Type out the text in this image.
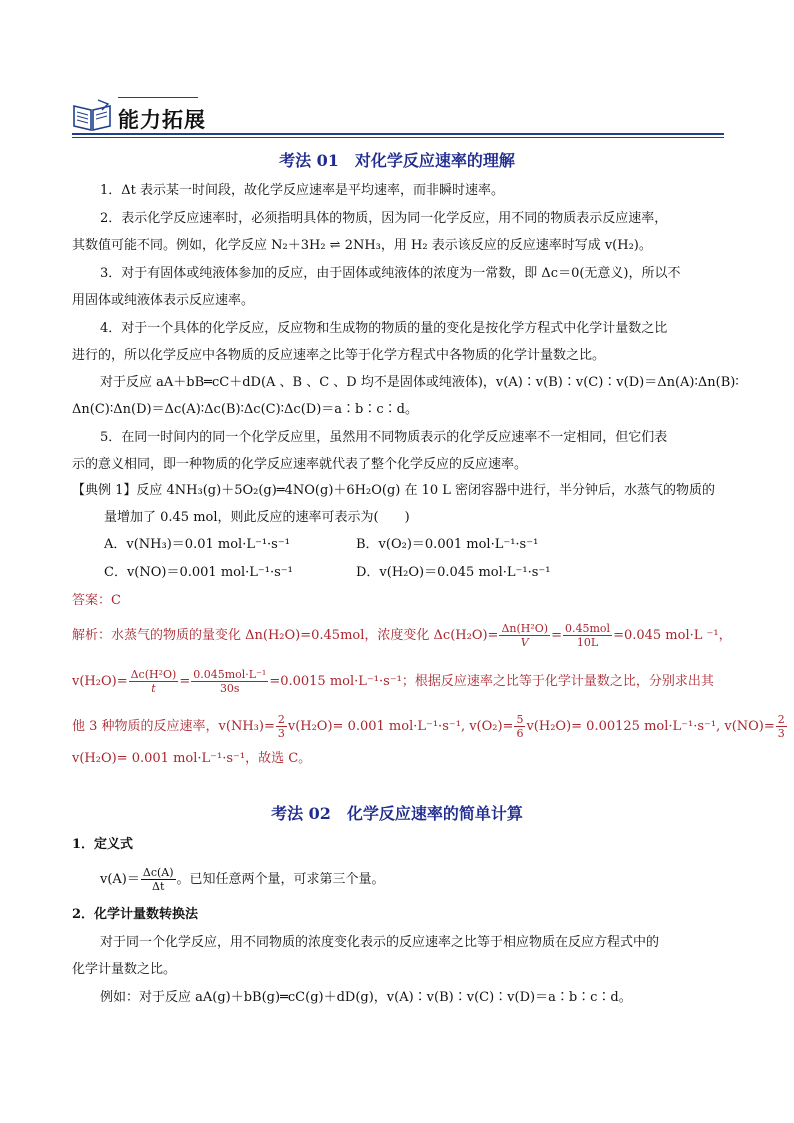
能力拓展
考法 01　对化学反应速率的理解
1．Δt 表示某一时间段，故化学反应速率是平均速率，而非瞬时速率。
2．表示化学反应速率时，必须指明具体的物质，因为同一化学反应，用不同的物质表示反应速率，
其数值可能不同。例如，化学反应 N₂＋3H₂ ⇌ 2NH₃，用 H₂ 表示该反应的反应速率时写成 v(H₂)。
3．对于有固体或纯液体参加的反应，由于固体或纯液体的浓度为一常数，即 Δc＝0(无意义)，所以不
用固体或纯液体表示反应速率。
4．对于一个具体的化学反应，反应物和生成物的物质的量的变化是按化学方程式中化学计量数之比
进行的，所以化学反应中各物质的反应速率之比等于化学方程式中各物质的化学计量数之比。
对于反应 aA＋bB═cC＋dD(A 、B 、C 、D 均不是固体或纯液体)，v(A)∶v(B)∶v(C)∶v(D)＝Δn(A)∶Δn(B)∶
Δn(C)∶Δn(D)＝Δc(A)∶Δc(B)∶Δc(C)∶Δc(D)＝a∶b∶c∶d。
5．在同一时间内的同一个化学反应里，虽然用不同物质表示的化学反应速率不一定相同，但它们表
示的意义相同，即一种物质的化学反应速率就代表了整个化学反应的反应速率。
【典例 1】反应 4NH₃(g)＋5O₂(g)═4NO(g)＋6H₂O(g) 在 10 L 密闭容器中进行，半分钟后，水蒸气的物质的
量增加了 0.45 mol，则此反应的速率可表示为(　　)
A．v(NH₃)＝0.01 mol·L⁻¹·s⁻¹	B．v(O₂)＝0.001 mol·L⁻¹·s⁻¹
C．v(NO)＝0.001 mol·L⁻¹·s⁻¹	D．v(H₂O)＝0.045 mol·L⁻¹·s⁻¹
答案：C
解析：水蒸气的物质的量变化 Δn(H₂O)=0.45mol，浓度变化 $\Delta c(H_2O)= \frac{\text{Δn(H²O)}}{V} = \frac{\text{0.45mol}}{10L} =0.045$ mol·L ⁻¹，
$v(H_2O)= \frac{\text{Δc(H²O)}}{t} = \frac{\text{0.045mol·L⁻¹}}{30s} =0.0015$ mol·L⁻¹·s⁻¹；根据反应速率之比等于化学计量数之比，分别求出其
他 3 种物质的反应速率，$v(NH_3)= \frac{2}{3} v(H_2O)= 0.001$ mol·L⁻¹·s⁻¹, $v(O_2)= \frac{5}{6} v(H_2O)= 0.00125$ mol·L⁻¹·s⁻¹, $v(NO)= \frac{2}{3}$
v(H₂O)= 0.001 mol·L⁻¹·s⁻¹，故选 C。
考法 02　化学反应速率的简单计算
1．定义式
$v(A)= \frac{\Delta c(A)}{\Delta t}$ 。已知任意两个量，可求第三个量。
2．化学计量数转换法
对于同一个化学反应，用不同物质的浓度变化表示的反应速率之比等于相应物质在反应方程式中的
化学计量数之比。
例如：对于反应 aA(g)＋bB(g)═cC(g)＋dD(g)，v(A)∶v(B)∶v(C)∶v(D)＝a∶b∶c∶d。
